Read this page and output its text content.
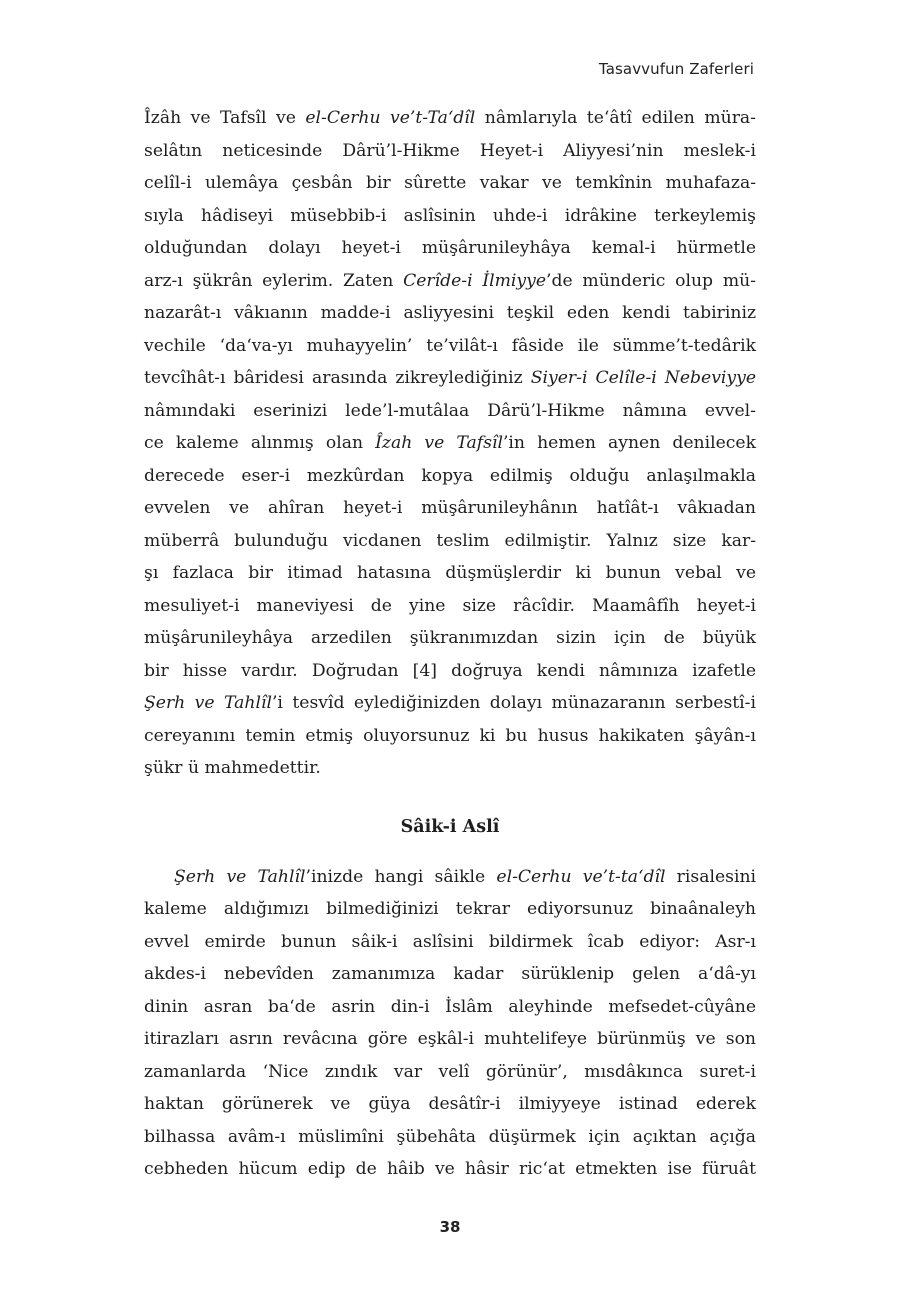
Tasavvufun Zaferleri
Îzâh ve Tafsîl ve el-Cerhu ve’t-Ta‘dîl nâmlarıyla te‘âtî edilen müra-
selâtın neticesinde Dârü’l-Hikme Heyet-i Aliyyesi’nin meslek-i
celîl-i ulemâya çesbân bir sûrette vakar ve temkînin muhafaza-
sıyla hâdiseyi müsebbib-i aslîsinin uhde-i idrâkine terkeylemiş
olduğundan dolayı heyet-i müşârunileyhâya kemal-i hürmetle
arz-ı şükrân eylerim. Zaten Cerîde-i İlmiyye’de münderic olup mü-
nazarât-ı vâkıanın madde-i asliyyesini teşkil eden kendi tabiriniz
vechile ‘da‘va-yı muhayyelin’ te’vilât-ı fâside ile sümme’t-tedârik
tevcîhât-ı bâridesi arasında zikreylediğiniz Siyer-i Celîle-i Nebeviyye
nâmındaki eserinizi lede’l-mutâlaa Dârü’l-Hikme nâmına evvel-
ce kaleme alınmış olan Îzah ve Tafsîl’in hemen aynen denilecek
derecede eser-i mezkûrdan kopya edilmiş olduğu anlaşılmakla
evvelen ve ahîran heyet-i müşârunileyhânın hatîât-ı vâkıadan
müberrâ bulunduğu vicdanen teslim edilmiştir. Yalnız size kar-
şı fazlaca bir itimad hatasına düşmüşlerdir ki bunun vebal ve
mesuliyet-i maneviyesi de yine size râcîdir. Maamâfîh heyet-i
müşârunileyhâya arzedilen şükranımızdan sizin için de büyük
bir hisse vardır. Doğrudan [4] doğruya kendi nâmınıza izafetle
Şerh ve Tahlîl’i tesvîd eylediğinizden dolayı münazaranın serbestî-i
cereyanını temin etmiş oluyorsunuz ki bu husus hakikaten şâyân-ı
şükr ü mahmedettir.
Sâik-i Aslî
Şerh ve Tahlîl’inizde hangi sâikle el-Cerhu ve’t-ta‘dîl risalesini
kaleme aldığımızı bilmediğinizi tekrar ediyorsunuz binaânaleyh
evvel emirde bunun sâik-i aslîsini bildirmek îcab ediyor: Asr-ı
akdes-i nebevîden zamanımıza kadar sürüklenip gelen a‘dâ-yı
dinin asran ba‘de asrin din-i İslâm aleyhinde mefsedet-cûyâne
itirazları asrın revâcına göre eşkâl-i muhtelifeye bürünmüş ve son
zamanlarda ‘Nice zındık var velî görünür’, mısdâkınca suret-i
haktan görünerek ve güya desâtîr-i ilmiyyeye istinad ederek
bilhassa avâm-ı müslimîni şübehâta düşürmek için açıktan açığa
cebheden hücum edip de hâib ve hâsir ric‘at etmekten ise füruât
38
